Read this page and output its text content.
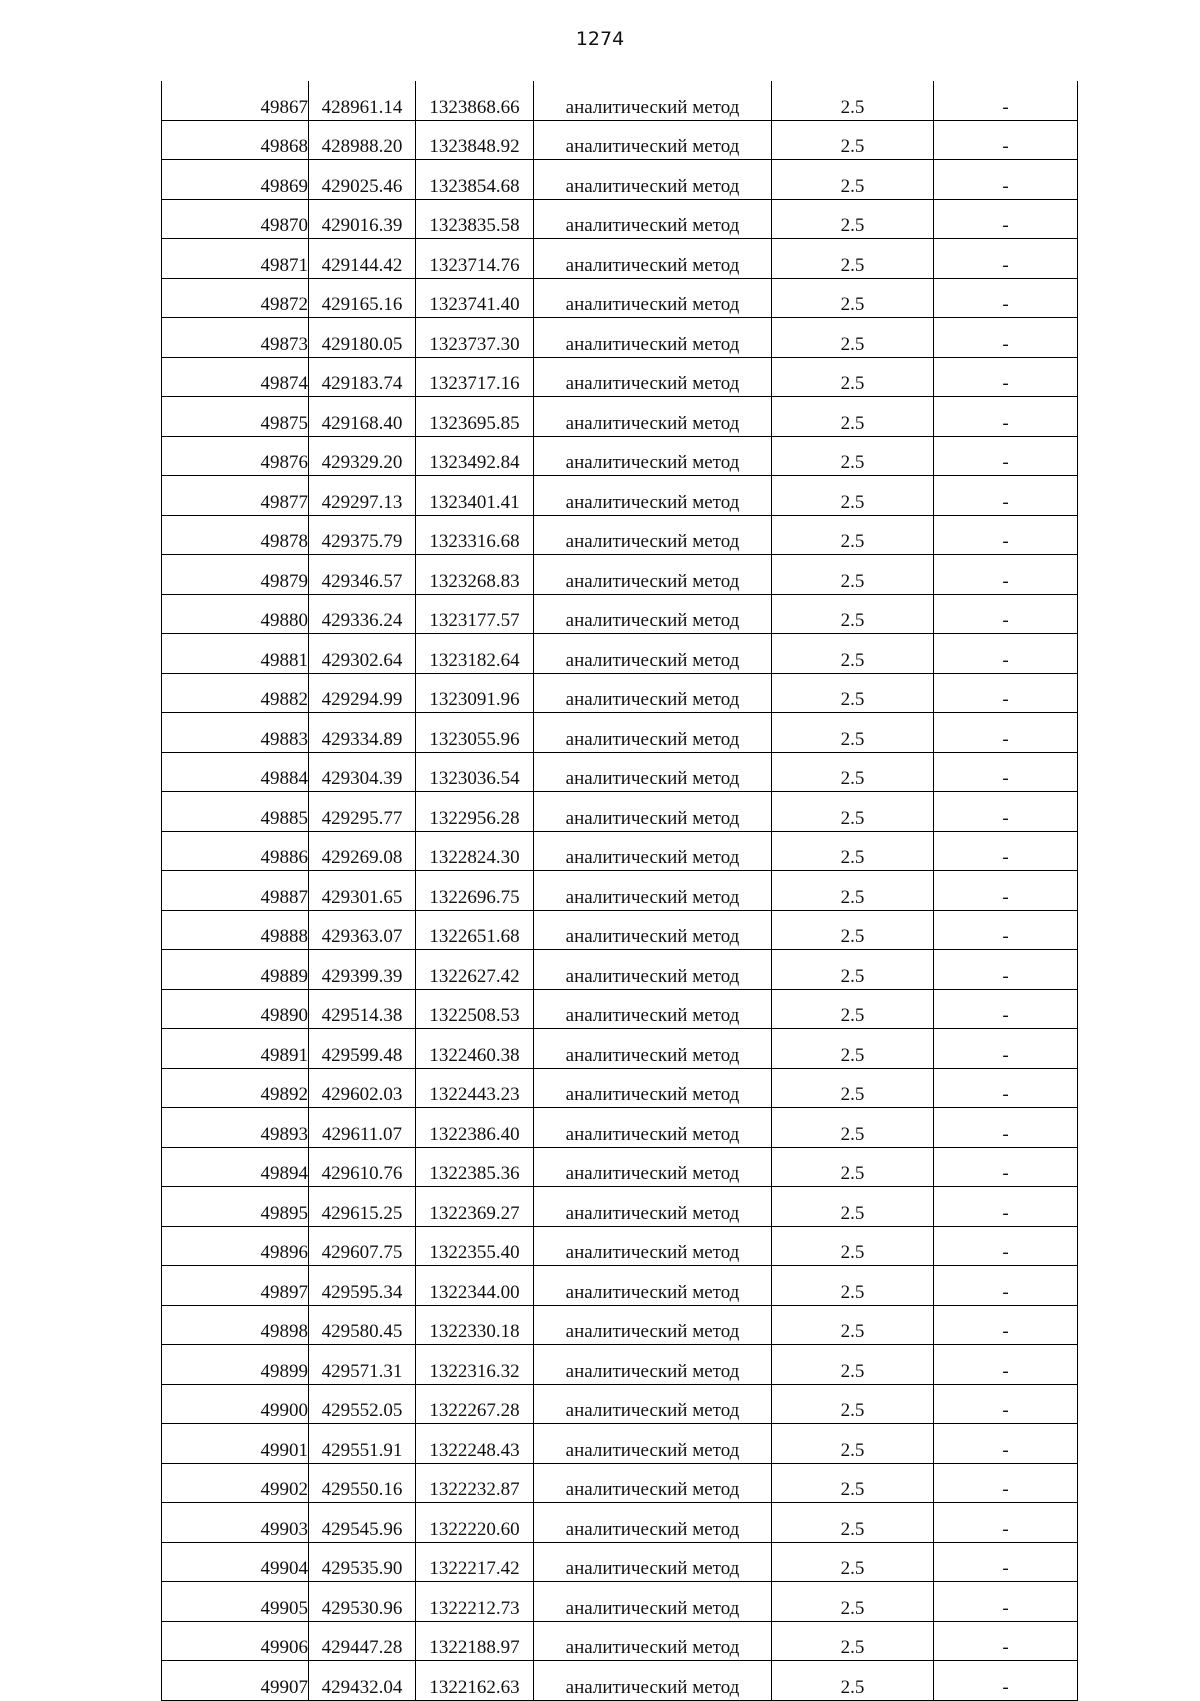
1274
49867	428961.14	1323868.66	аналитический метод	2.5	-
49868	428988.20	1323848.92	аналитический метод	2.5	-
49869	429025.46	1323854.68	аналитический метод	2.5	-
49870	429016.39	1323835.58	аналитический метод	2.5	-
49871	429144.42	1323714.76	аналитический метод	2.5	-
49872	429165.16	1323741.40	аналитический метод	2.5	-
49873	429180.05	1323737.30	аналитический метод	2.5	-
49874	429183.74	1323717.16	аналитический метод	2.5	-
49875	429168.40	1323695.85	аналитический метод	2.5	-
49876	429329.20	1323492.84	аналитический метод	2.5	-
49877	429297.13	1323401.41	аналитический метод	2.5	-
49878	429375.79	1323316.68	аналитический метод	2.5	-
49879	429346.57	1323268.83	аналитический метод	2.5	-
49880	429336.24	1323177.57	аналитический метод	2.5	-
49881	429302.64	1323182.64	аналитический метод	2.5	-
49882	429294.99	1323091.96	аналитический метод	2.5	-
49883	429334.89	1323055.96	аналитический метод	2.5	-
49884	429304.39	1323036.54	аналитический метод	2.5	-
49885	429295.77	1322956.28	аналитический метод	2.5	-
49886	429269.08	1322824.30	аналитический метод	2.5	-
49887	429301.65	1322696.75	аналитический метод	2.5	-
49888	429363.07	1322651.68	аналитический метод	2.5	-
49889	429399.39	1322627.42	аналитический метод	2.5	-
49890	429514.38	1322508.53	аналитический метод	2.5	-
49891	429599.48	1322460.38	аналитический метод	2.5	-
49892	429602.03	1322443.23	аналитический метод	2.5	-
49893	429611.07	1322386.40	аналитический метод	2.5	-
49894	429610.76	1322385.36	аналитический метод	2.5	-
49895	429615.25	1322369.27	аналитический метод	2.5	-
49896	429607.75	1322355.40	аналитический метод	2.5	-
49897	429595.34	1322344.00	аналитический метод	2.5	-
49898	429580.45	1322330.18	аналитический метод	2.5	-
49899	429571.31	1322316.32	аналитический метод	2.5	-
49900	429552.05	1322267.28	аналитический метод	2.5	-
49901	429551.91	1322248.43	аналитический метод	2.5	-
49902	429550.16	1322232.87	аналитический метод	2.5	-
49903	429545.96	1322220.60	аналитический метод	2.5	-
49904	429535.90	1322217.42	аналитический метод	2.5	-
49905	429530.96	1322212.73	аналитический метод	2.5	-
49906	429447.28	1322188.97	аналитический метод	2.5	-
49907	429432.04	1322162.63	аналитический метод	2.5	-
